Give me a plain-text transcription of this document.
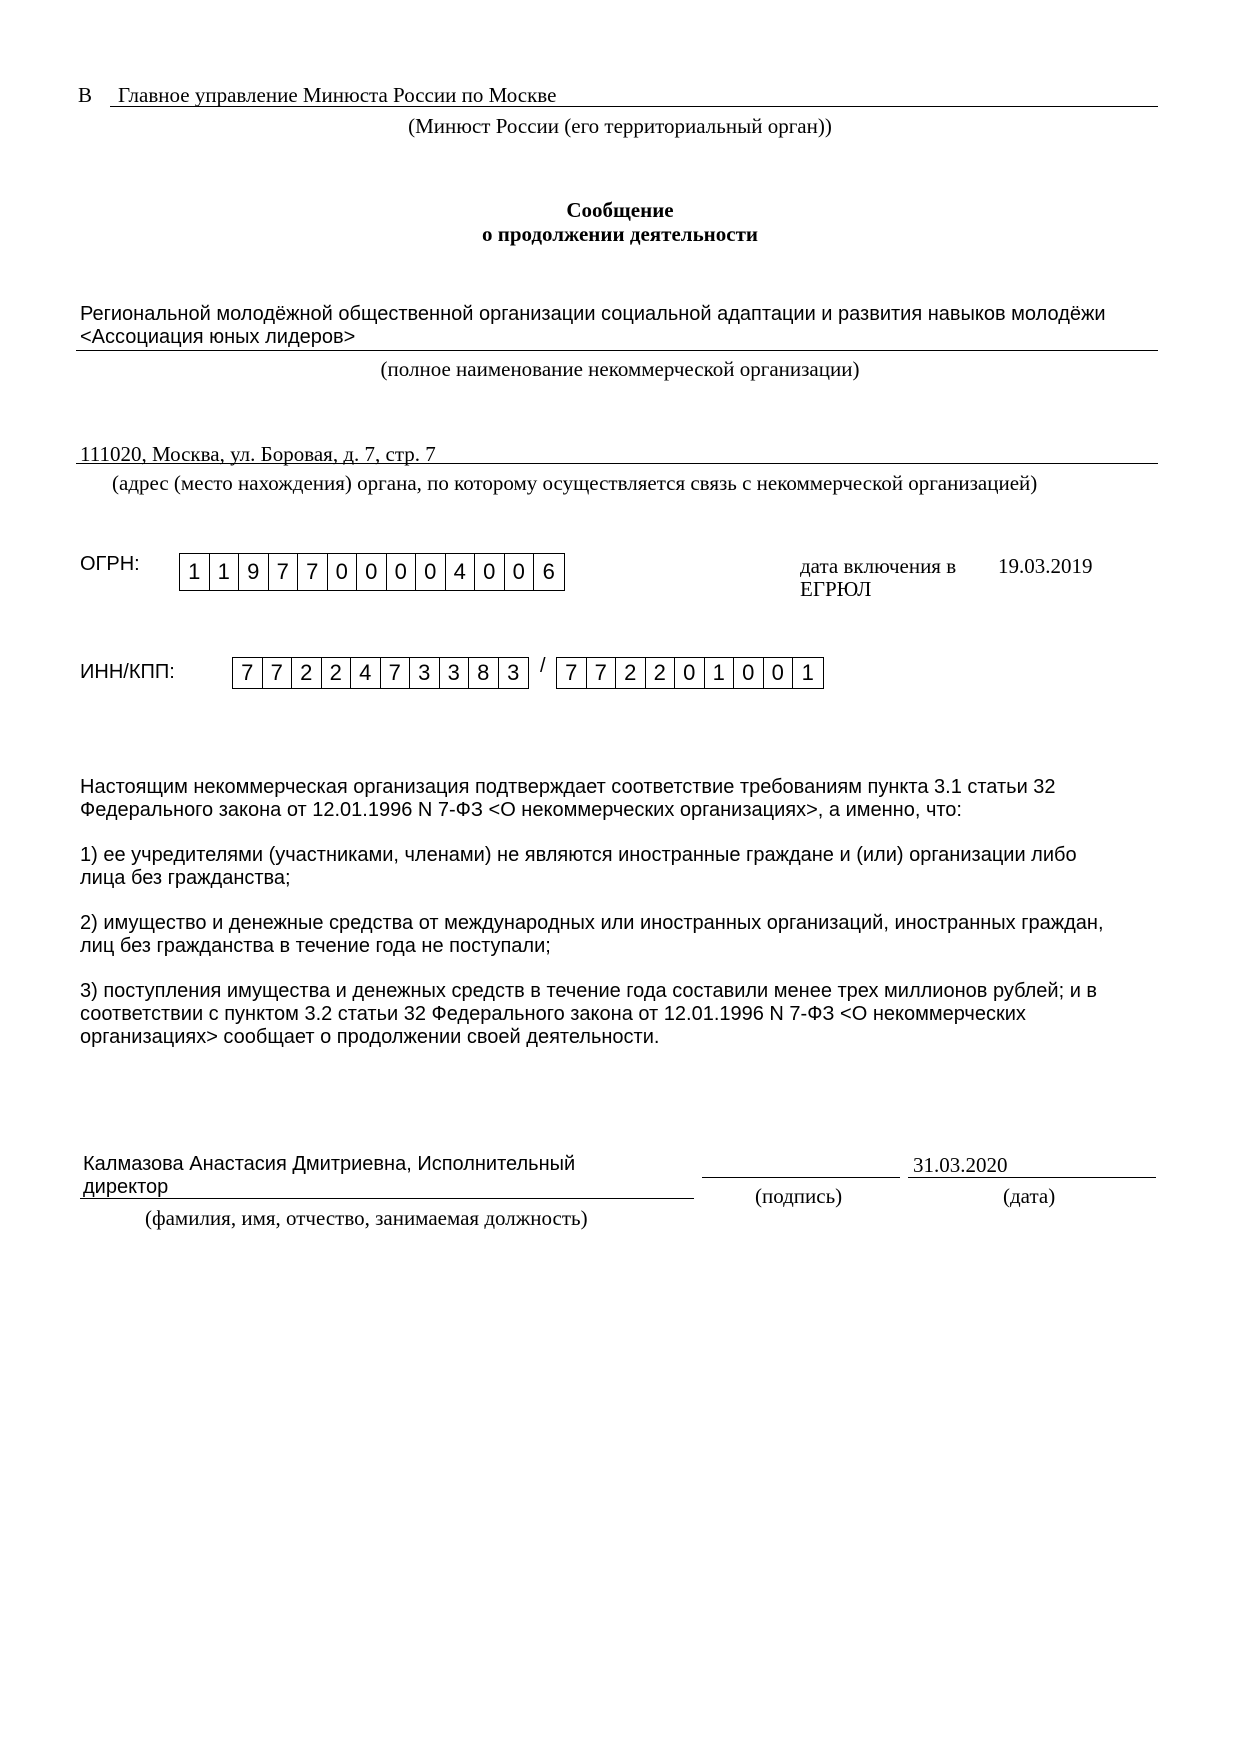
В Главное управление Минюста России по Москве
(Минюст России (его территориальный орган))
Сообщение
о продолжении деятельности
Региональной молодёжной общественной организации социальной адаптации и развития навыков молодёжи
<Ассоциация юных лидеров>
(полное наименование некоммерческой организации)
111020, Москва, ул. Боровая, д. 7, стр. 7
(адрес (место нахождения) органа, по которому осуществляется связь с некоммерческой организацией)
ОГРН:	1 1 9 7 7 0 0 0 0 4 0 0 6	дата включения в
ЕГРЮЛ
19.03.2019
ИНН/КПП:	7 7 2 2 4 7 3 3 8 3	/ 7 7 2 2 0 1 0 0 1

Настоящим некоммерческая организация подтверждает соответствие требованиям пункта 3.1 статьи 32

Федерального закона от 12.01.1996 N 7-ФЗ <О некоммерческих организациях>, а именно, что:

1) ее учредителями (участниками, членами) не являются иностранные граждане и (или) организации либо

лица без гражданства;

2) имущество и денежные средства от международных или иностранных организаций, иностранных граждан,

лиц без гражданства в течение года не поступали;

3) поступления имущества и денежных средств в течение года составили менее трех миллионов рублей; и в

соответствии с пунктом 3.2 статьи 32 Федерального закона от 12.01.1996 N 7-ФЗ <О некоммерческих

организациях> сообщает о продолжении своей деятельности.

Калмазова Анастасия Дмитриевна, Исполнительный
директор
(фамилия, имя, отчество, занимаемая должность)
(подпись)
31.03.2020
(дата)
